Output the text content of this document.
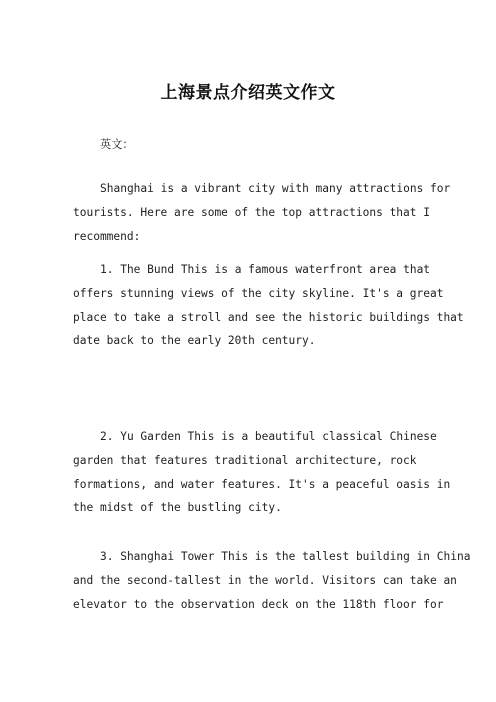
上海景点介绍英文作文
英文：
Shanghai is a vibrant city with many attractions for
tourists. Here are some of the top attractions that I
recommend:
1. The Bund This is a famous waterfront area that
offers stunning views of the city skyline. It's a great
place to take a stroll and see the historic buildings that
date back to the early 20th century.
2. Yu Garden This is a beautiful classical Chinese
garden that features traditional architecture, rock
formations, and water features. It's a peaceful oasis in
the midst of the bustling city.
3. Shanghai Tower This is the tallest building in China
and the second-tallest in the world. Visitors can take an
elevator to the observation deck on the 118th floor for
